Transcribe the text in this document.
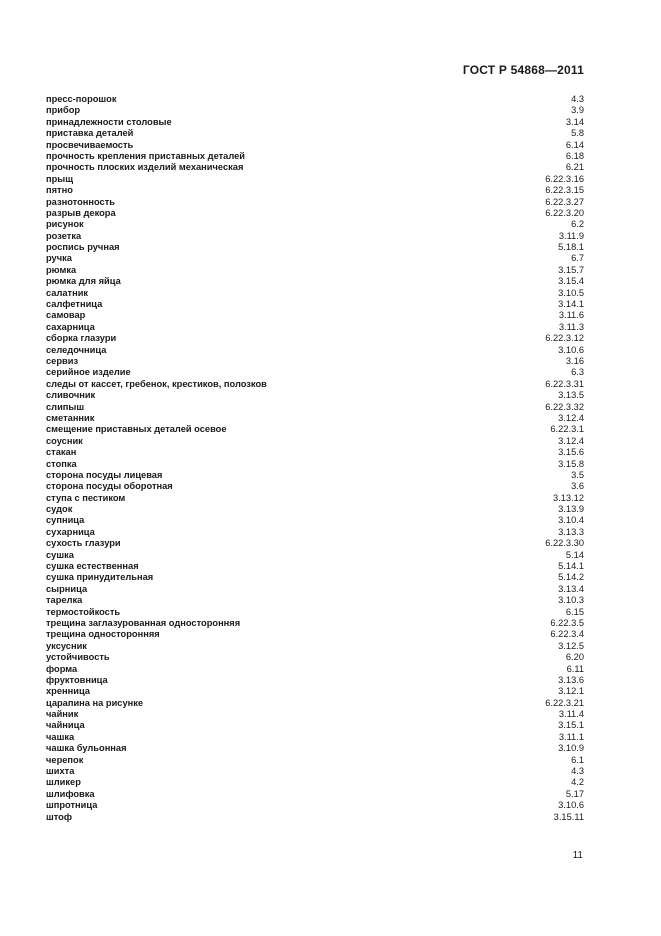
ГОСТ Р 54868—2011
пресс-порошок	4.3
прибор	3.9
принадлежности столовые	3.14
приставка деталей	5.8
просвечиваемость	6.14
прочность крепления приставных деталей	6.18
прочность плоских изделий механическая	6.21
прыщ	6.22.3.16
пятно	6.22.3.15
разнотонность	6.22.3.27
разрыв декора	6.22.3.20
рисунок	6.2
розетка	3.11.9
роспись ручная	5.18.1
ручка	6.7
рюмка	3.15.7
рюмка для яйца	3.15.4
салатник	3.10.5
салфетница	3.14.1
самовар	3.11.6
сахарница	3.11.3
сборка глазури	6.22.3.12
селедочница	3.10.6
сервиз	3.16
серийное изделие	6.3
следы от кассет, гребенок, крестиков, полозков	6.22.3.31
сливочник	3.13.5
слипыш	6.22.3.32
сметанник	3.12.4
смещение приставных деталей осевое	6.22.3.1
соусник	3.12.4
стакан	3.15.6
стопка	3.15.8
сторона посуды лицевая	3.5
сторона посуды оборотная	3.6
ступа с пестиком	3.13.12
судок	3.13.9
супница	3.10.4
сухарница	3.13.3
сухость глазури	6.22.3.30
сушка	5.14
сушка естественная	5.14.1
сушка принудительная	5.14.2
сырница	3.13.4
тарелка	3.10.3
термостойкость	6.15
трещина заглазурованная односторонняя	6.22.3.5
трещина односторонняя	6.22.3.4
уксусник	3.12.5
устойчивость	6.20
форма	6.11
фруктовница	3.13.6
хренница	3.12.1
царапина на рисунке	6.22.3.21
чайник	3.11.4
чайница	3.15.1
чашка	3.11.1
чашка бульонная	3.10.9
черепок	6.1
шихта	4.3
шликер	4.2
шлифовка	5.17
шпротница	3.10.6
штоф	3.15.11
11
